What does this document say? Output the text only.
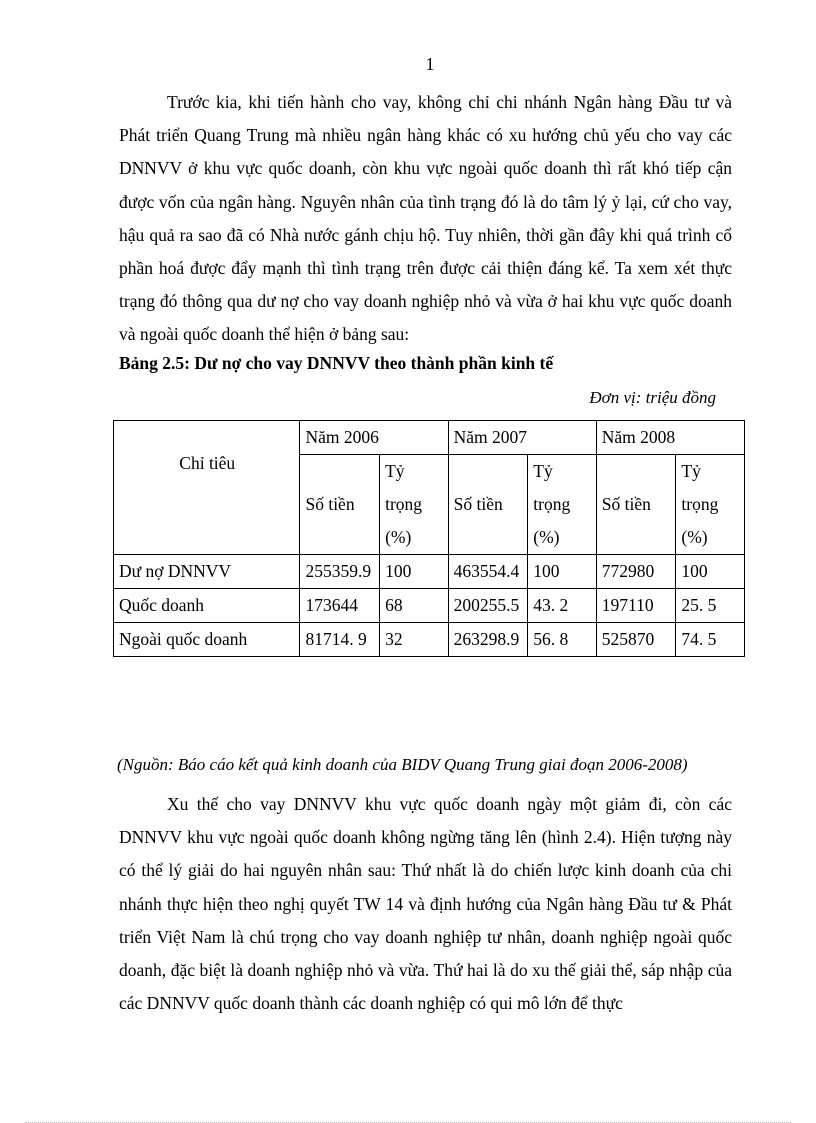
1

Trước kia, khi tiến hành cho vay, không chỉ chi nhánh Ngân hàng Đầu tư và Phát triển Quang Trung mà nhiều ngân hàng khác có xu hướng chủ yếu cho vay các DNNVV ở khu vực quốc doanh, còn khu vực ngoài quốc doanh thì rất khó tiếp cận được vốn của ngân hàng. Nguyên nhân của tình trạng đó là do tâm lý ỷ lại, cứ cho vay, hậu quả ra sao đã có Nhà nước gánh chịu hộ. Tuy nhiên, thời gần đây khi quá trình cổ phần hoá được đẩy mạnh thì tình trạng trên được cải thiện đáng kể. Ta xem xét thực trạng đó thông qua dư nợ cho vay doanh nghiệp nhỏ và vừa ở hai khu vực quốc doanh và ngoài quốc doanh thể hiện ở bảng sau:

Bảng 2.5: Dư nợ cho vay DNNVV theo thành phần kinh tế

Đơn vị: triệu đồng

Chỉ tiêu	Năm 2006		Năm 2007		Năm 2008	
	Số tiền	Tỷ trọng (%)	Số tiền	Tỷ trọng (%)	Số tiền	Tỷ trọng (%)
Dư nợ DNNVV	255359.9	100	463554.4	100	772980	100
Quốc doanh	173644	68	200255.5	43. 2	197110	25. 5
Ngoài quốc doanh	81714. 9	32	263298.9	56. 8	525870	74. 5

(Nguồn: Báo cáo kết quả kinh doanh của BIDV Quang Trung giai đoạn 2006-2008)

Xu thế cho vay DNNVV khu vực quốc doanh ngày một giảm đi, còn các DNNVV khu vực ngoài quốc doanh không ngừng tăng lên (hình 2.4). Hiện tượng này có thể lý giải do hai nguyên nhân sau: Thứ nhất là do chiến lược kinh doanh của chi nhánh thực hiện theo nghị quyết TW 14 và định hướng của Ngân hàng Đầu tư & Phát triển Việt Nam là chú trọng cho vay doanh nghiệp tư nhân, doanh nghiệp ngoài quốc doanh, đặc biệt là doanh nghiệp nhỏ và vừa. Thứ hai là do xu thế giải thể, sáp nhập của các DNNVV quốc doanh thành các doanh nghiệp có qui mô lớn để thực
